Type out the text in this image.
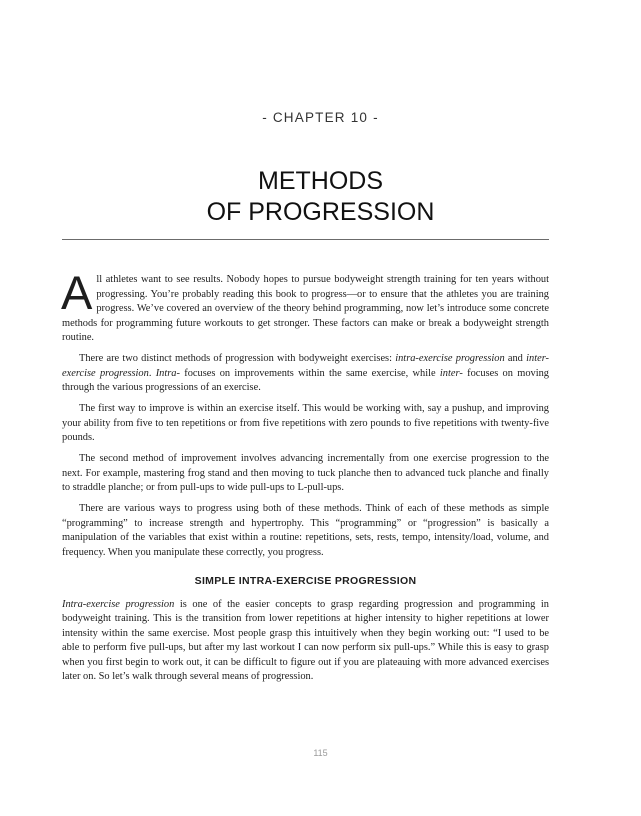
- CHAPTER 10 -
METHODS
OF PROGRESSION

All athletes want to see results. Nobody hopes to pursue bodyweight strength training for ten years without progressing. You’re probably reading this book to progress—or to ensure that the athletes you are training progress. We’ve covered an overview of the theory behind programming, now let’s introduce some concrete methods for programming future workouts to get stronger. These factors can make or break a bodyweight strength routine.

There are two distinct methods of progression with bodyweight exercises: intra-exercise progression and inter-exercise progression. Intra- focuses on improvements within the same exercise, while inter- focuses on moving through the various progressions of an exercise.

The first way to improve is within an exercise itself. This would be working with, say a pushup, and improving your ability from five to ten repetitions or from five repetitions with zero pounds to five repetitions with twenty-five pounds.

The second method of improvement involves advancing incrementally from one exercise progression to the next. For example, mastering frog stand and then moving to tuck planche then to advanced tuck planche and finally to straddle planche; or from pull-ups to wide pull-ups to L-pull-ups.

There are various ways to progress using both of these methods. Think of each of these methods as simple “programming” to increase strength and hypertrophy. This “programming” or “progression” is basically a manipulation of the variables that exist within a routine: repetitions, sets, rests, tempo, intensity/load, volume, and frequency. When you manipulate these correctly, you progress.

SIMPLE INTRA-EXERCISE PROGRESSION

Intra-exercise progression is one of the easier concepts to grasp regarding progression and programming in bodyweight training. This is the transition from lower repetitions at higher intensity to higher repetitions at lower intensity within the same exercise. Most people grasp this intuitively when they begin working out: “I used to be able to perform five pull-ups, but after my last workout I can now perform six pull-ups.” While this is easy to grasp when you first begin to work out, it can be difficult to figure out if you are plateauing with more advanced exercises later on. So let’s walk through several means of progression.

115
